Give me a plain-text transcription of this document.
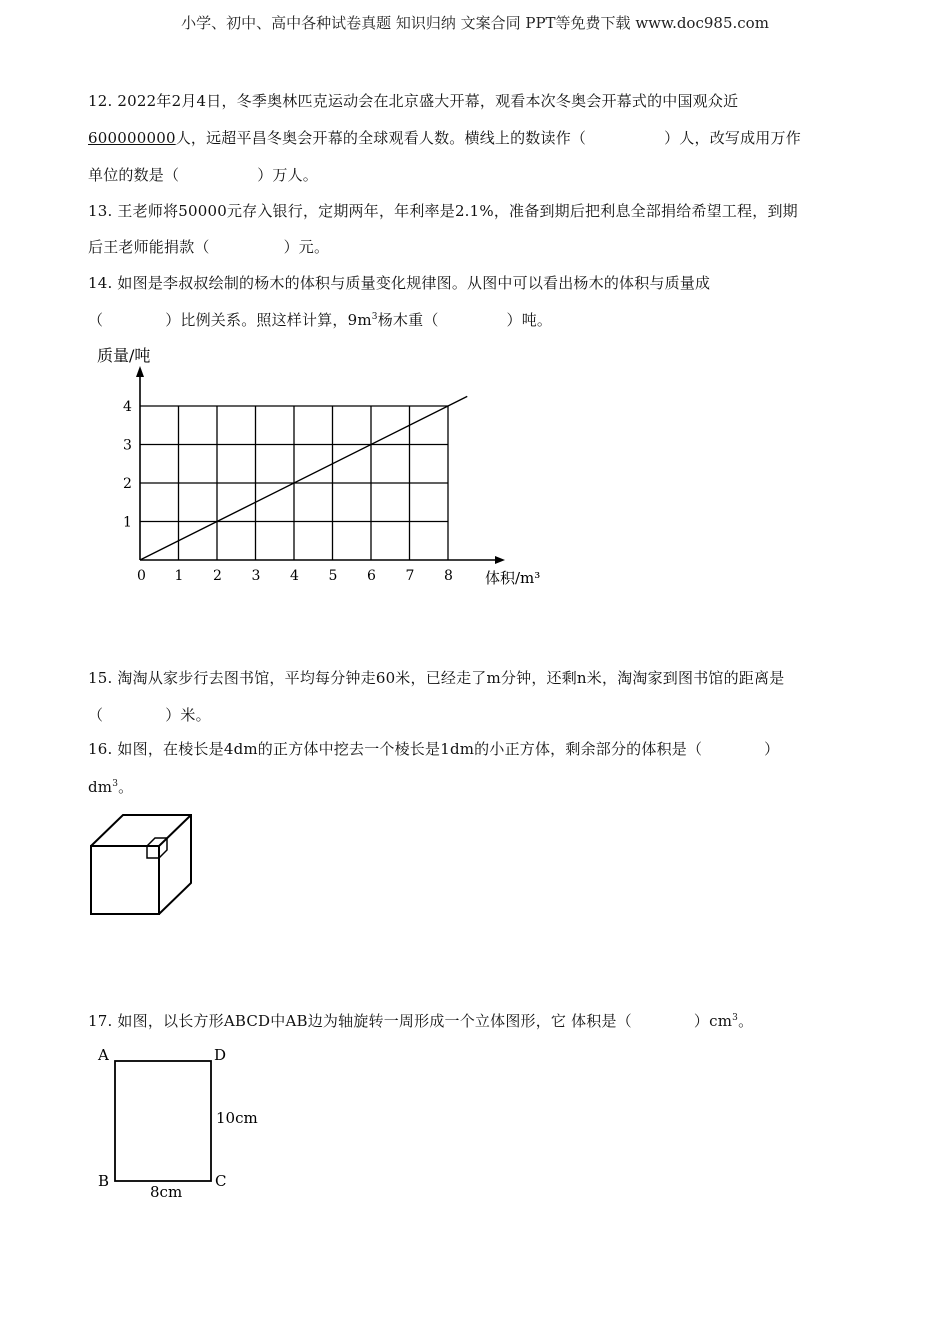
小学、初中、高中各种试卷真题 知识归纳 文案合同 PPT等免费下载 www.doc985.com
12. 2022年2月4日，冬季奥林匹克运动会在北京盛大开幕，观看本次冬奥会开幕式的中国观众近
600000000人，远超平昌冬奥会开幕的全球观看人数。横线上的数读作（	）人，改写成用万作
单位的数是（	）万人。
13. 王老师将50000元存入银行，定期两年，年利率是2.1%，准备到期后把利息全部捐给希望工程，到期
后王老师能捐款（	）元。
14. 如图是李叔叔绘制的杨木的体积与质量变化规律图。从图中可以看出杨木的体积与质量成
（	）比例关系。照这样计算，$9m^3$杨木重（	）吨。
0 1 2 3 4 5 6 7 8
1
2
3
4
质量/吨
体积/m³
15. 淘淘从家步行去图书馆，平均每分钟走60米，已经走了m分钟，还剩n米，淘淘家到图书馆的距离是
（	）米。
16. 如图，在棱长是4dm的正方体中挖去一个棱长是1dm的小正方体，剩余部分的体积是（	）
$dm^3$。
17. 如图，以长方形ABCD中AB边为轴旋转一周形成一个立体图形，它 体积是（	）$cm^3$。
A	D
B	C
10cm
8cm
